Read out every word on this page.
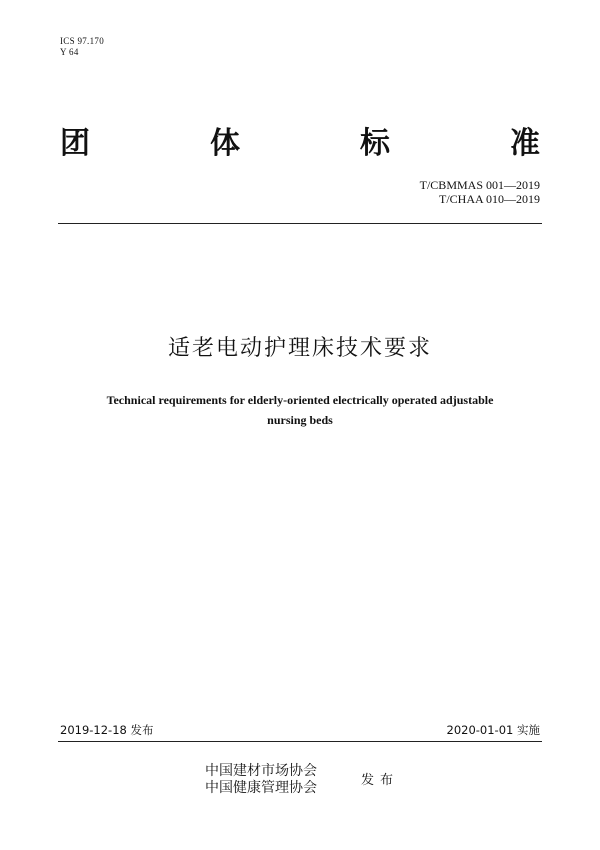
ICS 97.170
Y 64
团	体	标	准
T/CBMMAS 001—2019
T/CHAA 010—2019
适老电动护理床技术要求
Technical requirements for elderly-oriented electrically operated adjustable
nursing beds
2019-12-18 发布	2020-01-01 实施
中国建材市场协会
中国健康管理协会	发布
